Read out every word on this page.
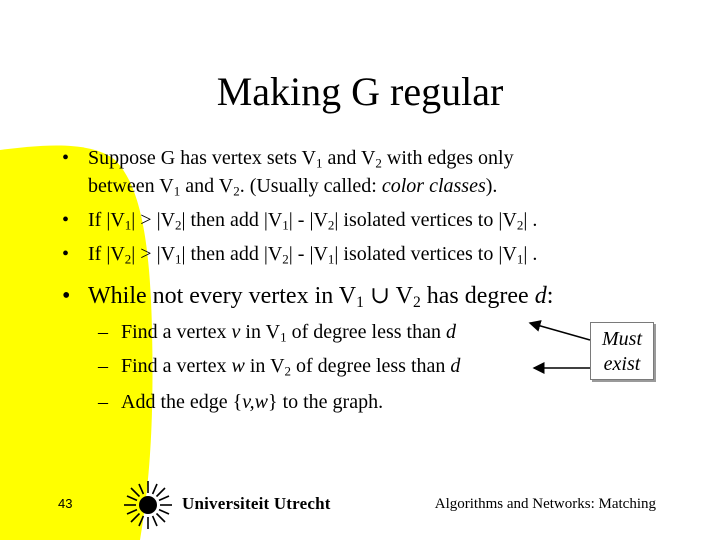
Making G regular
• Suppose G has vertex sets $V_1$ and $V_2$ with edges only
between $V_1$ and $V_2$. (Usually called: color classes).
• If $|V_1| > |V_2|$ then add $|V_1| - |V_2|$ isolated vertices to $|V_2|$ .
• If $|V_2| > |V_1|$ then add $|V_2| - |V_1|$ isolated vertices to $|V_1|$ .
• While not every vertex in $V_1$ ∪ $V_2$ has degree d:
– Find a vertex v in $V_1$ of degree less than d
– Find a vertex w in $V_2$ of degree less than d
– Add the edge {v,w} to the graph.
Must
exist
43	Universiteit Utrecht	Algorithms and Networks: Matching
